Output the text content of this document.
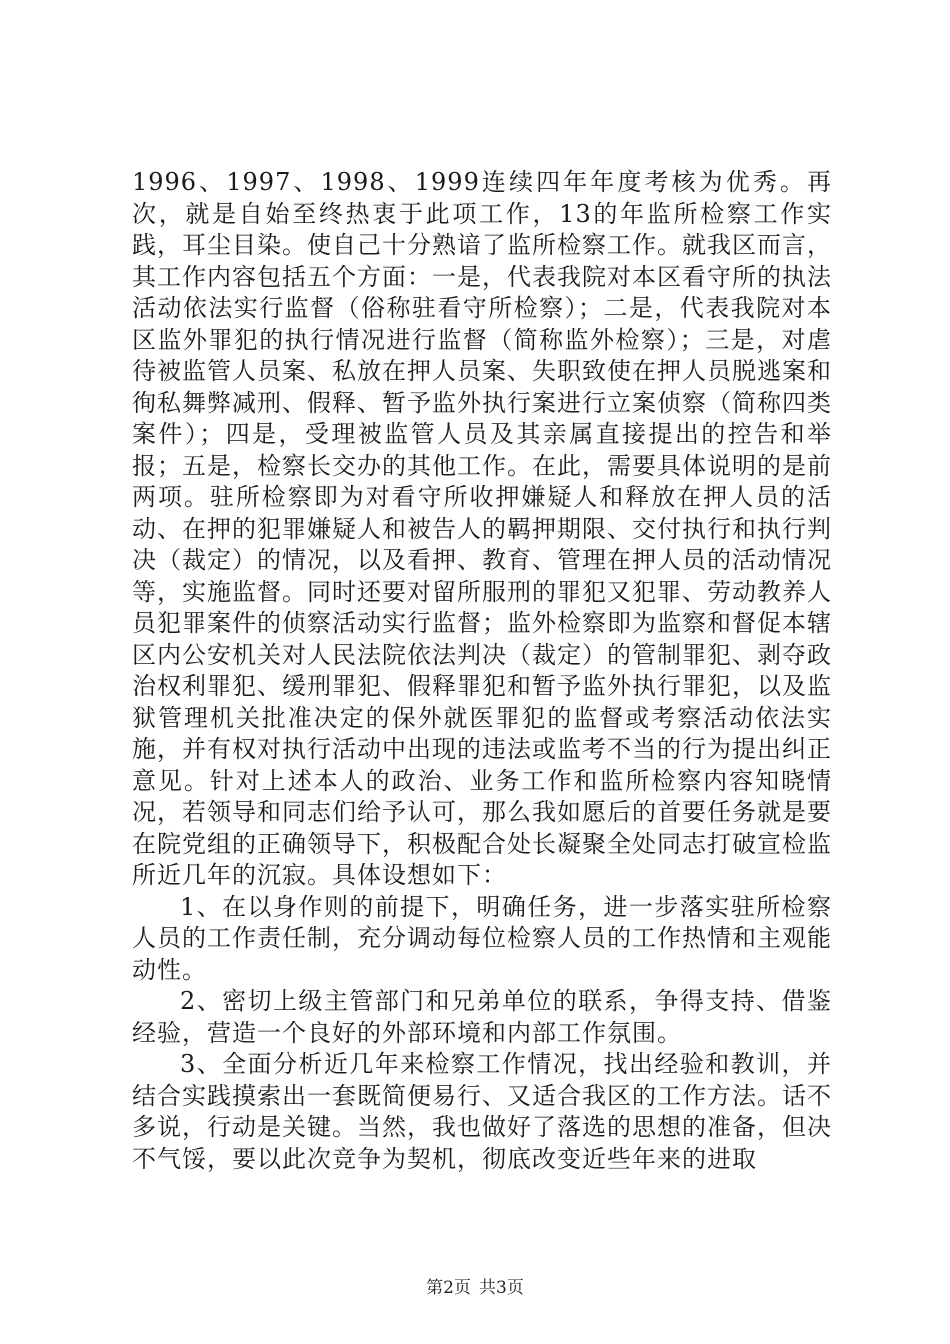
1996、1997、1998、1999连续四年年度考核为优秀。再次，就是自始至终热衷于此项工作，13的年监所检察工作实践，耳尘目染。使自己十分熟谙了监所检察工作。就我区而言，其工作内容包括五个方面：一是，代表我院对本区看守所的执法活动依法实行监督（俗称驻看守所检察）；二是，代表我院对本区监外罪犯的执行情况进行监督（简称监外检察）；三是，对虐待被监管人员案、私放在押人员案、失职致使在押人员脱逃案和徇私舞弊减刑、假释、暂予监外执行案进行立案侦察（简称四类案件）；四是，受理被监管人员及其亲属直接提出的控告和举报；五是，检察长交办的其他工作。在此，需要具体说明的是前两项。驻所检察即为对看守所收押嫌疑人和释放在押人员的活动、在押的犯罪嫌疑人和被告人的羁押期限、交付执行和执行判决（裁定）的情况，以及看押、教育、管理在押人员的活动情况等，实施监督。同时还要对留所服刑的罪犯又犯罪、劳动教养人员犯罪案件的侦察活动实行监督；监外检察即为监察和督促本辖区内公安机关对人民法院依法判决（裁定）的管制罪犯、剥夺政治权利罪犯、缓刑罪犯、假释罪犯和暂予监外执行罪犯，以及监狱管理机关批准决定的保外就医罪犯的监督或考察活动依法实施，并有权对执行活动中出现的违法或监考不当的行为提出纠正意见。针对上述本人的政治、业务工作和监所检察内容知晓情况，若领导和同志们给予认可，那么我如愿后的首要任务就是要在院党组的正确领导下，积极配合处长凝聚全处同志打破宣检监所近几年的沉寂。具体设想如下：

1、在以身作则的前提下，明确任务，进一步落实驻所检察人员的工作责任制，充分调动每位检察人员的工作热情和主观能动性。

2、密切上级主管部门和兄弟单位的联系，争得支持、借鉴经验，营造一个良好的外部环境和内部工作氛围。

3、全面分析近几年来检察工作情况，找出经验和教训，并结合实践摸索出一套既简便易行、又适合我区的工作方法。话不多说，行动是关键。当然，我也做好了落选的思想的准备，但决不气馁，要以此次竞争为契机，彻底改变近些年来的进取

第2页 共3页
